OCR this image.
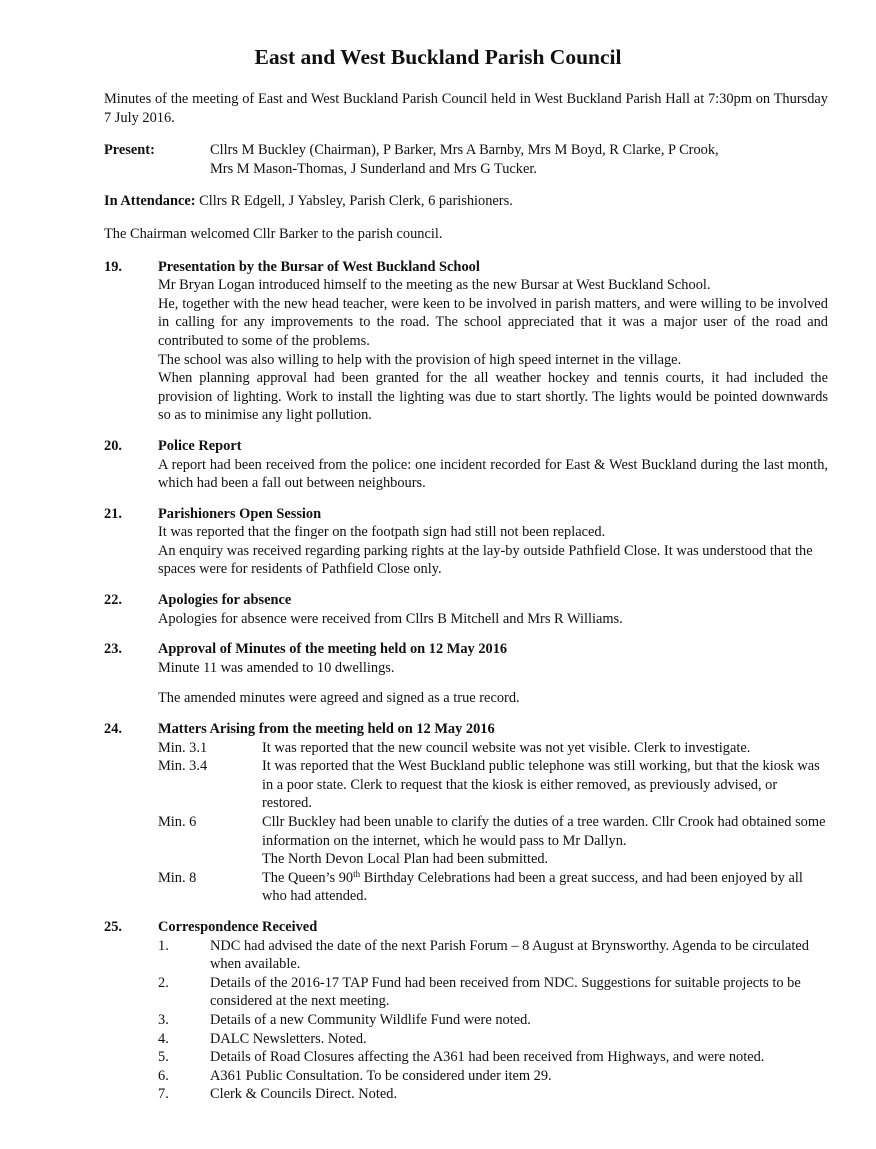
East and West Buckland Parish Council

Minutes of the meeting of East and West Buckland Parish Council held in West Buckland Parish Hall at 7:30pm on Thursday 7 July 2016.

Present:	Cllrs M Buckley (Chairman), P Barker, Mrs A Barnby, Mrs M Boyd, R Clarke, P Crook,
Mrs M Mason-Thomas, J Sunderland and Mrs G Tucker.

In Attendance: Cllrs R Edgell, J Yabsley, Parish Clerk, 6 parishioners.

The Chairman welcomed Cllr Barker to the parish council.

19.	Presentation by the Bursar of West Buckland School

Mr Bryan Logan introduced himself to the meeting as the new Bursar at West Buckland School.

He, together with the new head teacher, were keen to be involved in parish matters, and were willing to be involved in calling for any improvements to the road. The school appreciated that it was a major user of the road and contributed to some of the problems.

The school was also willing to help with the provision of high speed internet in the village.

When planning approval had been granted for the all weather hockey and tennis courts, it had included the provision of lighting. Work to install the lighting was due to start shortly. The lights would be pointed downwards so as to minimise any light pollution.

20.	Police Report

A report had been received from the police: one incident recorded for East & West Buckland during the last month, which had been a fall out between neighbours.

21.	Parishioners Open Session

It was reported that the finger on the footpath sign had still not been replaced.

An enquiry was received regarding parking rights at the lay-by outside Pathfield Close. It was understood that the spaces were for residents of Pathfield Close only.

22.	Apologies for absence

Apologies for absence were received from Cllrs B Mitchell and Mrs R Williams.

23.	Approval of Minutes of the meeting held on 12 May 2016

Minute 11 was amended to 10 dwellings.

The amended minutes were agreed and signed as a true record.

24.	Matters Arising from the meeting held on 12 May 2016
Min. 3.1	It was reported that the new council website was not yet visible. Clerk to investigate.
Min. 3.4	It was reported that the West Buckland public telephone was still working, but that the kiosk was in a poor state. Clerk to request that the kiosk is either removed, as previously advised, or restored.
Min. 6	Cllr Buckley had been unable to clarify the duties of a tree warden. Cllr Crook had obtained some information on the internet, which he would pass to Mr Dallyn.
The North Devon Local Plan had been submitted.
Min. 8	The Queen’s 90th Birthday Celebrations had been a great success, and had been enjoyed by all who had attended.
25.	Correspondence Received
1.	NDC had advised the date of the next Parish Forum – 8 August at Brynsworthy. Agenda to be circulated when available.
2.	Details of the 2016-17 TAP Fund had been received from NDC. Suggestions for suitable projects to be considered at the next meeting.
3.	Details of a new Community Wildlife Fund were noted.
4.	DALC Newsletters. Noted.
5.	Details of Road Closures affecting the A361 had been received from Highways, and were noted.
6.	A361 Public Consultation. To be considered under item 29.
7.	Clerk & Councils Direct. Noted.
